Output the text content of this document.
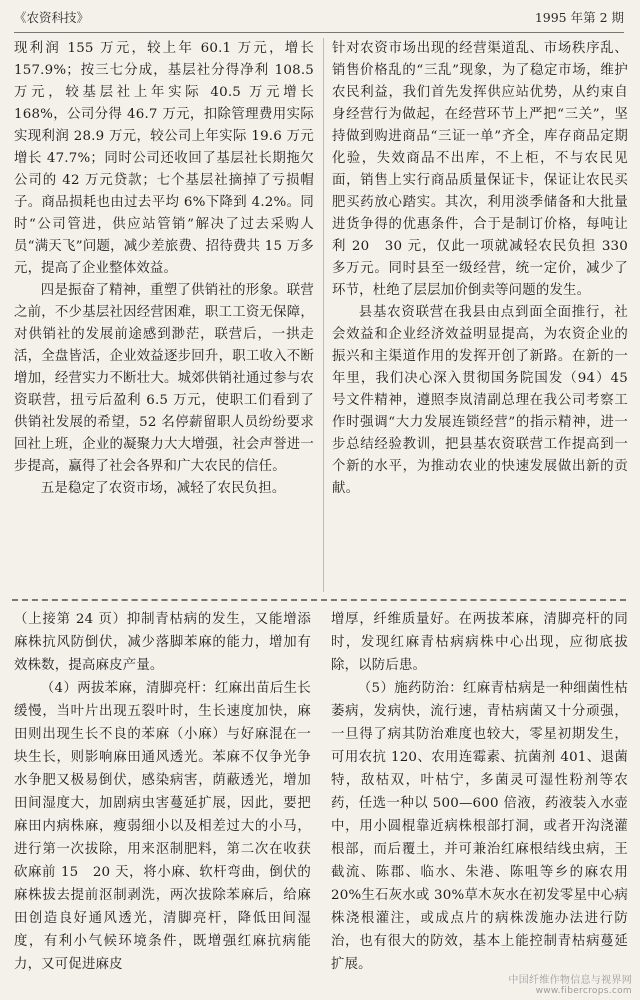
《农资科技》	1995 年第 2 期

现利润 155 万元，较上年 60.1 万元，增长 157.9%；按三七分成，基层社分得净利 108.5 万元，较基层社上年实际 40.5 万元增长 168%，公司分得 46.7 万元，扣除管理费用实际实现利润 28.9 万元，较公司上年实际 19.6 万元增长 47.7%；同时公司还收回了基层社长期拖欠公司的 42 万元贷款；七个基层社摘掉了亏损帽子。商品损耗也由过去平均 6%下降到 4.2%。同时“公司管进，供应站管销”解决了过去采购人员“满天飞”问题，减少差旅费、招待费共 15 万多元，提高了企业整体效益。

四是振奋了精神，重塑了供销社的形象。联营之前，不少基层社因经营困难，职工工资无保障，对供销社的发展前途感到渺茫，联营后，一拱走活，全盘皆活，企业效益逐步回升，职工收入不断增加，经营实力不断壮大。城郊供销社通过参与农资联营，扭亏后盈利 6.5 万元，使职工们看到了供销社发展的希望，52 名停薪留职人员纷纷要求回社上班，企业的凝聚力大大增强，社会声誉进一步提高，赢得了社会各界和广大农民的信任。

五是稳定了农资市场，减轻了农民负担。

针对农资市场出现的经营渠道乱、市场秩序乱、销售价格乱的“三乱”现象，为了稳定市场，维护农民利益，我们首先发挥供应站优势，从约束自身经营行为做起，在经营环节上严把“三关”，坚持做到购进商品“三证一单”齐全，库存商品定期化验，失效商品不出库，不上柜，不与农民见面，销售上实行商品质量保证卡，保证让农民买肥买药放心踏实。其次，利用淡季储备和大批量进货争得的优惠条件，合于是制订价格，每吨让利 20　30 元，仅此一项就减轻农民负担 330 多万元。同时县至一级经营，统一定价，减少了环节，杜绝了层层加价倒卖等问题的发生。

县基农资联营在我县由点到面全面推行，社会效益和企业经济效益明显提高，为农资企业的振兴和主渠道作用的发挥开创了新路。在新的一年里，我们决心深入贯彻国务院国发（94）45 号文件精神，遵照李岚清副总理在我公司考察工作时强调“大力发展连锁经营”的指示精神，进一步总结经验教训，把县基农资联营工作提高到一个新的水平，为推动农业的快速发展做出新的贡献。

（上接第 24 页）抑制青枯病的发生，又能增添麻株抗风防倒伏，减少落脚苯麻的能力，增加有效株数，提高麻皮产量。

（4）两拔苯麻，清脚亮杆：红麻出苗后生长缓慢，当叶片出现五裂叶时，生长速度加快，麻田则出现生长不良的苯麻（小麻）与好麻混在一块生长，则影响麻田通风透光。苯麻不仅争光争水争肥又极易倒伏，感染病害，荫蔽透光，增加田间湿度大，加剧病虫害蔓延扩展，因此，要把麻田内病株麻，瘦弱细小以及相差过大的小马，进行第一次拔除，用来沤制肥料，第二次在收获砍麻前 15　20 天，将小麻、软杆弯曲，倒伏的麻株拔去提前沤制剥洗，两次拔除苯麻后，给麻田创造良好通风透光，清脚亮杆，降低田间湿度，有利小气候环境条件，既增强红麻抗病能力，又可促进麻皮

增厚，纤维质量好。在两拔苯麻，清脚亮杆的同时，发现红麻青枯病病株中心出现，应彻底拔除，以防后患。

（5）施药防治：红麻青枯病是一种细菌性枯萎病，发病快，流行速，青枯病菌又十分顽强，一旦得了病其防治难度也较大，零星初期发生，可用农抗 120、农用连霉素、抗菌剂 401、退菌特，敌枯双，叶枯宁，多菌灵可湿性粉剂等农药，任选一种以 500—600 倍液，药液装入水壶中，用小圆棍靠近病株根部打洞，或者开沟浇灌根部，而后覆土，并可兼治红麻根结线虫病，王截流、陈郡、临水、朱港、陈咀等乡的麻农用 20%生石灰水或 30%草木灰水在初发零星中心病株浇根灌注，或成点片的病株泼施办法进行防治，也有很大的防效，基本上能控制青枯病蔓延扩展。

中国纤维作物信息与视界网
www.fibercrops.com
